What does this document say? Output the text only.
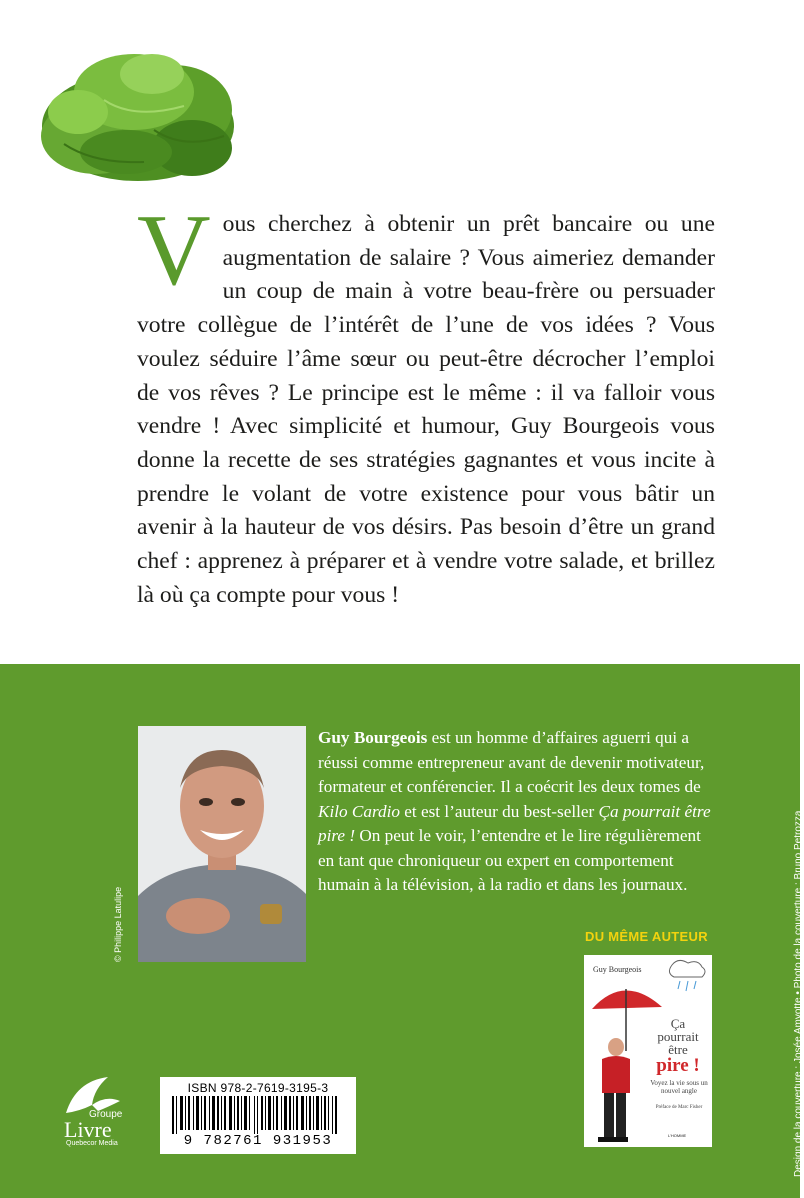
Vous cherchez à obtenir un prêt bancaire ou une augmentation de salaire ? Vous aimeriez demander un coup de main à votre beau-frère ou persuader votre collègue de l’intérêt de l’une de vos idées ? Vous voulez séduire l’âme sœur ou peut-être décrocher l’emploi de vos rêves ? Le principe est le même : il va falloir vous vendre ! Avec simplicité et humour, Guy Bourgeois vous donne la recette de ses stratégies gagnantes et vous incite à prendre le volant de votre existence pour vous bâtir un avenir à la hauteur de vos désirs. Pas besoin d’être un grand chef : apprenez à préparer et à vendre votre salade, et brillez là où ça compte pour vous !

© Philippe Latulipe

Guy Bourgeois est un homme d’affaires aguerri qui a réussi comme entrepreneur avant de devenir motivateur, formateur et conférencier. Il a coécrit les deux tomes de Kilo Cardio et est l’auteur du best-seller Ça pourrait être pire ! On peut le voir, l’entendre et le lire régulièrement en tant que chroniqueur ou expert en comportement humain à la télévision, à la radio et dans les journaux.

DU MÊME AUTEUR
Guy Bourgeois
Ça
pourrait
être
pire !
Voyez la vie sous un nouvel angle
Préface de Marc Fisher
L’HOMME
Groupe
Livre
Quebecor Media
ISBN 978-2-7619-3195-3
9 782761 931953	Design de la couverture : Josée Amyotte • Photo de la couverture : Bruno Petrozza
